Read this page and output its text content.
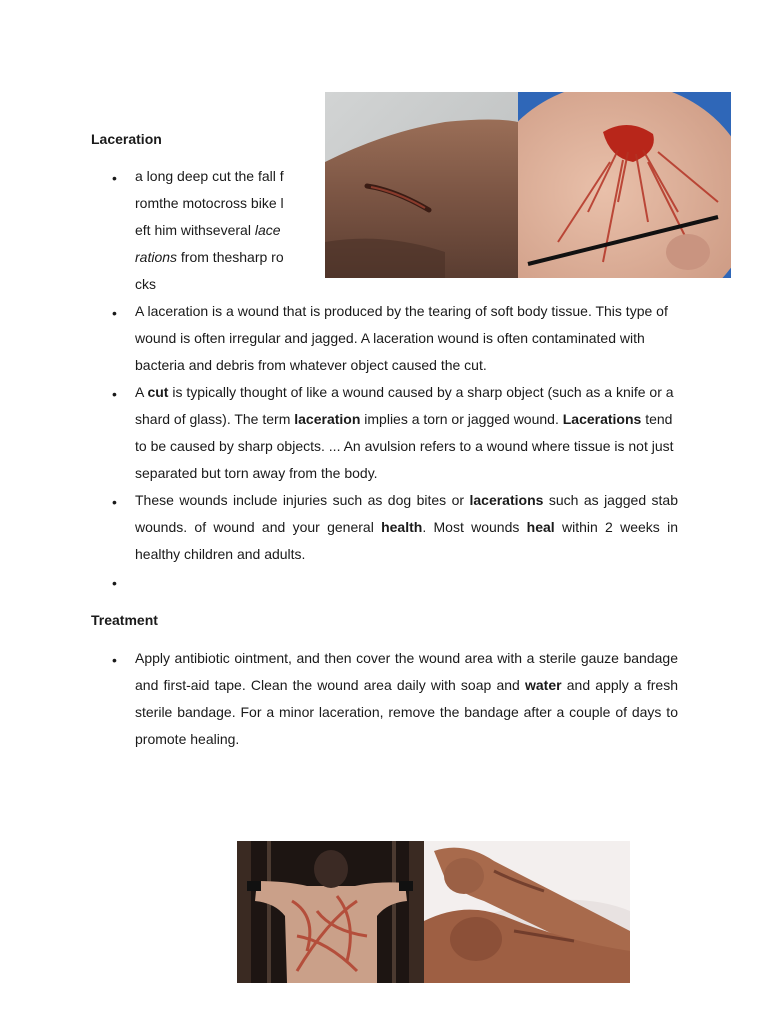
Laceration
• a long deep cut the fall f
romthe motocross bike l
eft him withseveral lace
rations from thesharp ro
cks
• A laceration is a wound that is produced by the tearing of soft body tissue. This type of wound is often irregular and jagged. A laceration wound is often contaminated with bacteria and debris from whatever object caused the cut.
• A cut is typically thought of like a wound caused by a sharp object (such as a knife or a shard of glass). The term laceration implies a torn or jagged wound. Lacerations tend to be caused by sharp objects. ... An avulsion refers to a wound where tissue is not just separated but torn away from the body.
• These wounds include injuries such as dog bites or lacerations such as jagged stab wounds. of wound and your general health. Most wounds heal within 2 weeks in healthy children and adults.
•
Treatment
• Apply antibiotic ointment, and then cover the wound area with a sterile gauze bandage and first-aid tape. Clean the wound area daily with soap and water and apply a fresh sterile bandage. For a minor laceration, remove the bandage after a couple of days to promote healing.
